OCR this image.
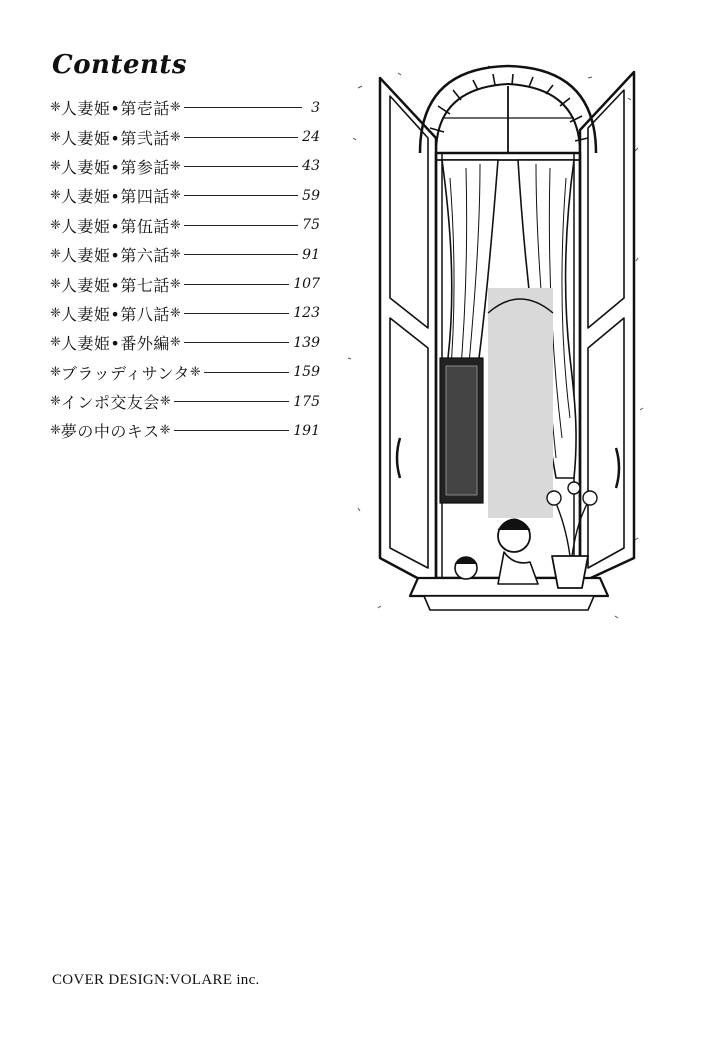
Contents
❈ 人妻姫•第壱話 ❈	3
❈ 人妻姫•第弐話 ❈	24
❈ 人妻姫•第参話 ❈	43
❈ 人妻姫•第四話 ❈	59
❈ 人妻姫•第伍話 ❈	75
❈ 人妻姫•第六話 ❈	91
❈ 人妻姫•第七話 ❈	107
❈ 人妻姫•第八話 ❈	123
❈ 人妻姫•番外編 ❈	139
❈ ブラッディサンタ ❈	159
❈ インポ交友会 ❈	175
❈ 夢の中のキス ❈	191
COVER DESIGN:VOLARE inc.
